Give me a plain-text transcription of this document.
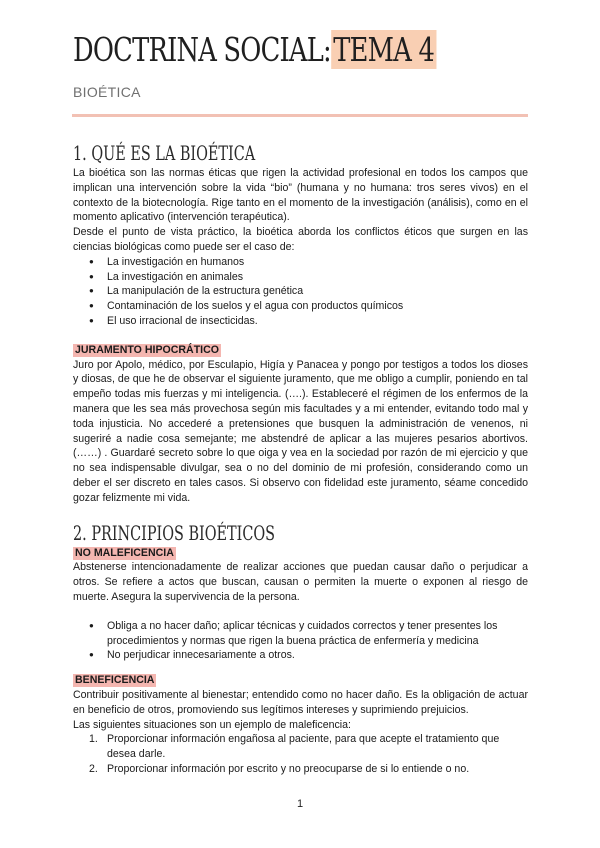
DOCTRINA SOCIAL:TEMA 4
BIOÉTICA
1. QUÉ ES LA BIOÉTICA

La bioética son las normas éticas que rigen la actividad profesional en todos los campos que implican una intervención sobre la vida “bio” (humana y no humana: tros seres vivos) en el contexto de la biotecnología. Rige tanto en el momento de la investigación (análisis), como en el momento aplicativo (intervención terapéutica).

Desde el punto de vista práctico, la bioética aborda los conflictos éticos que surgen en las ciencias biológicas como puede ser el caso de:

● La investigación en humanos
● La investigación en animales
● La manipulación de la estructura genética
● Contaminación de los suelos y el agua con productos químicos
● El uso irracional de insecticidas.
JURAMENTO HIPOCRÁTICO

Juro por Apolo, médico, por Esculapio, Higía y Panacea y pongo por testigos a todos los dioses y diosas, de que he de observar el siguiente juramento, que me obligo a cumplir, poniendo en tal empeño todas mis fuerzas y mi inteligencia. (….). Estableceré el régimen de los enfermos de la manera que les sea más provechosa según mis facultades y a mi entender, evitando todo mal y toda injusticia. No accederé a pretensiones que busquen la administración de venenos, ni sugeriré a nadie cosa semejante; me abstendré de aplicar a las mujeres pesarios abortivos. (……) . Guardaré secreto sobre lo que oiga y vea en la sociedad por razón de mi ejercicio y que no sea indispensable divulgar, sea o no del dominio de mi profesión, considerando como un deber el ser discreto en tales casos. Si observo con fidelidad este juramento, séame concedido gozar felizmente mi vida.

2. PRINCIPIOS BIOÉTICOS
NO MALEFICENCIA

Abstenerse intencionadamente de realizar acciones que puedan causar daño o perjudicar a otros. Se refiere a actos que buscan, causan o permiten la muerte o exponen al riesgo de muerte. Asegura la supervivencia de la persona.

● Obliga a no hacer daño; aplicar técnicas y cuidados correctos y tener presentes los procedimientos y normas que rigen la buena práctica de enfermería y medicina
● No perjudicar innecesariamente a otros.
BENEFICENCIA

Contribuir positivamente al bienestar; entendido como no hacer daño. Es la obligación de actuar en beneficio de otros, promoviendo sus legítimos intereses y suprimiendo prejuicios.

Las siguientes situaciones son un ejemplo de maleficencia:

1. Proporcionar información engañosa al paciente, para que acepte el tratamiento que desea darle.
2. Proporcionar información por escrito y no preocuparse de si lo entiende o no.
1
